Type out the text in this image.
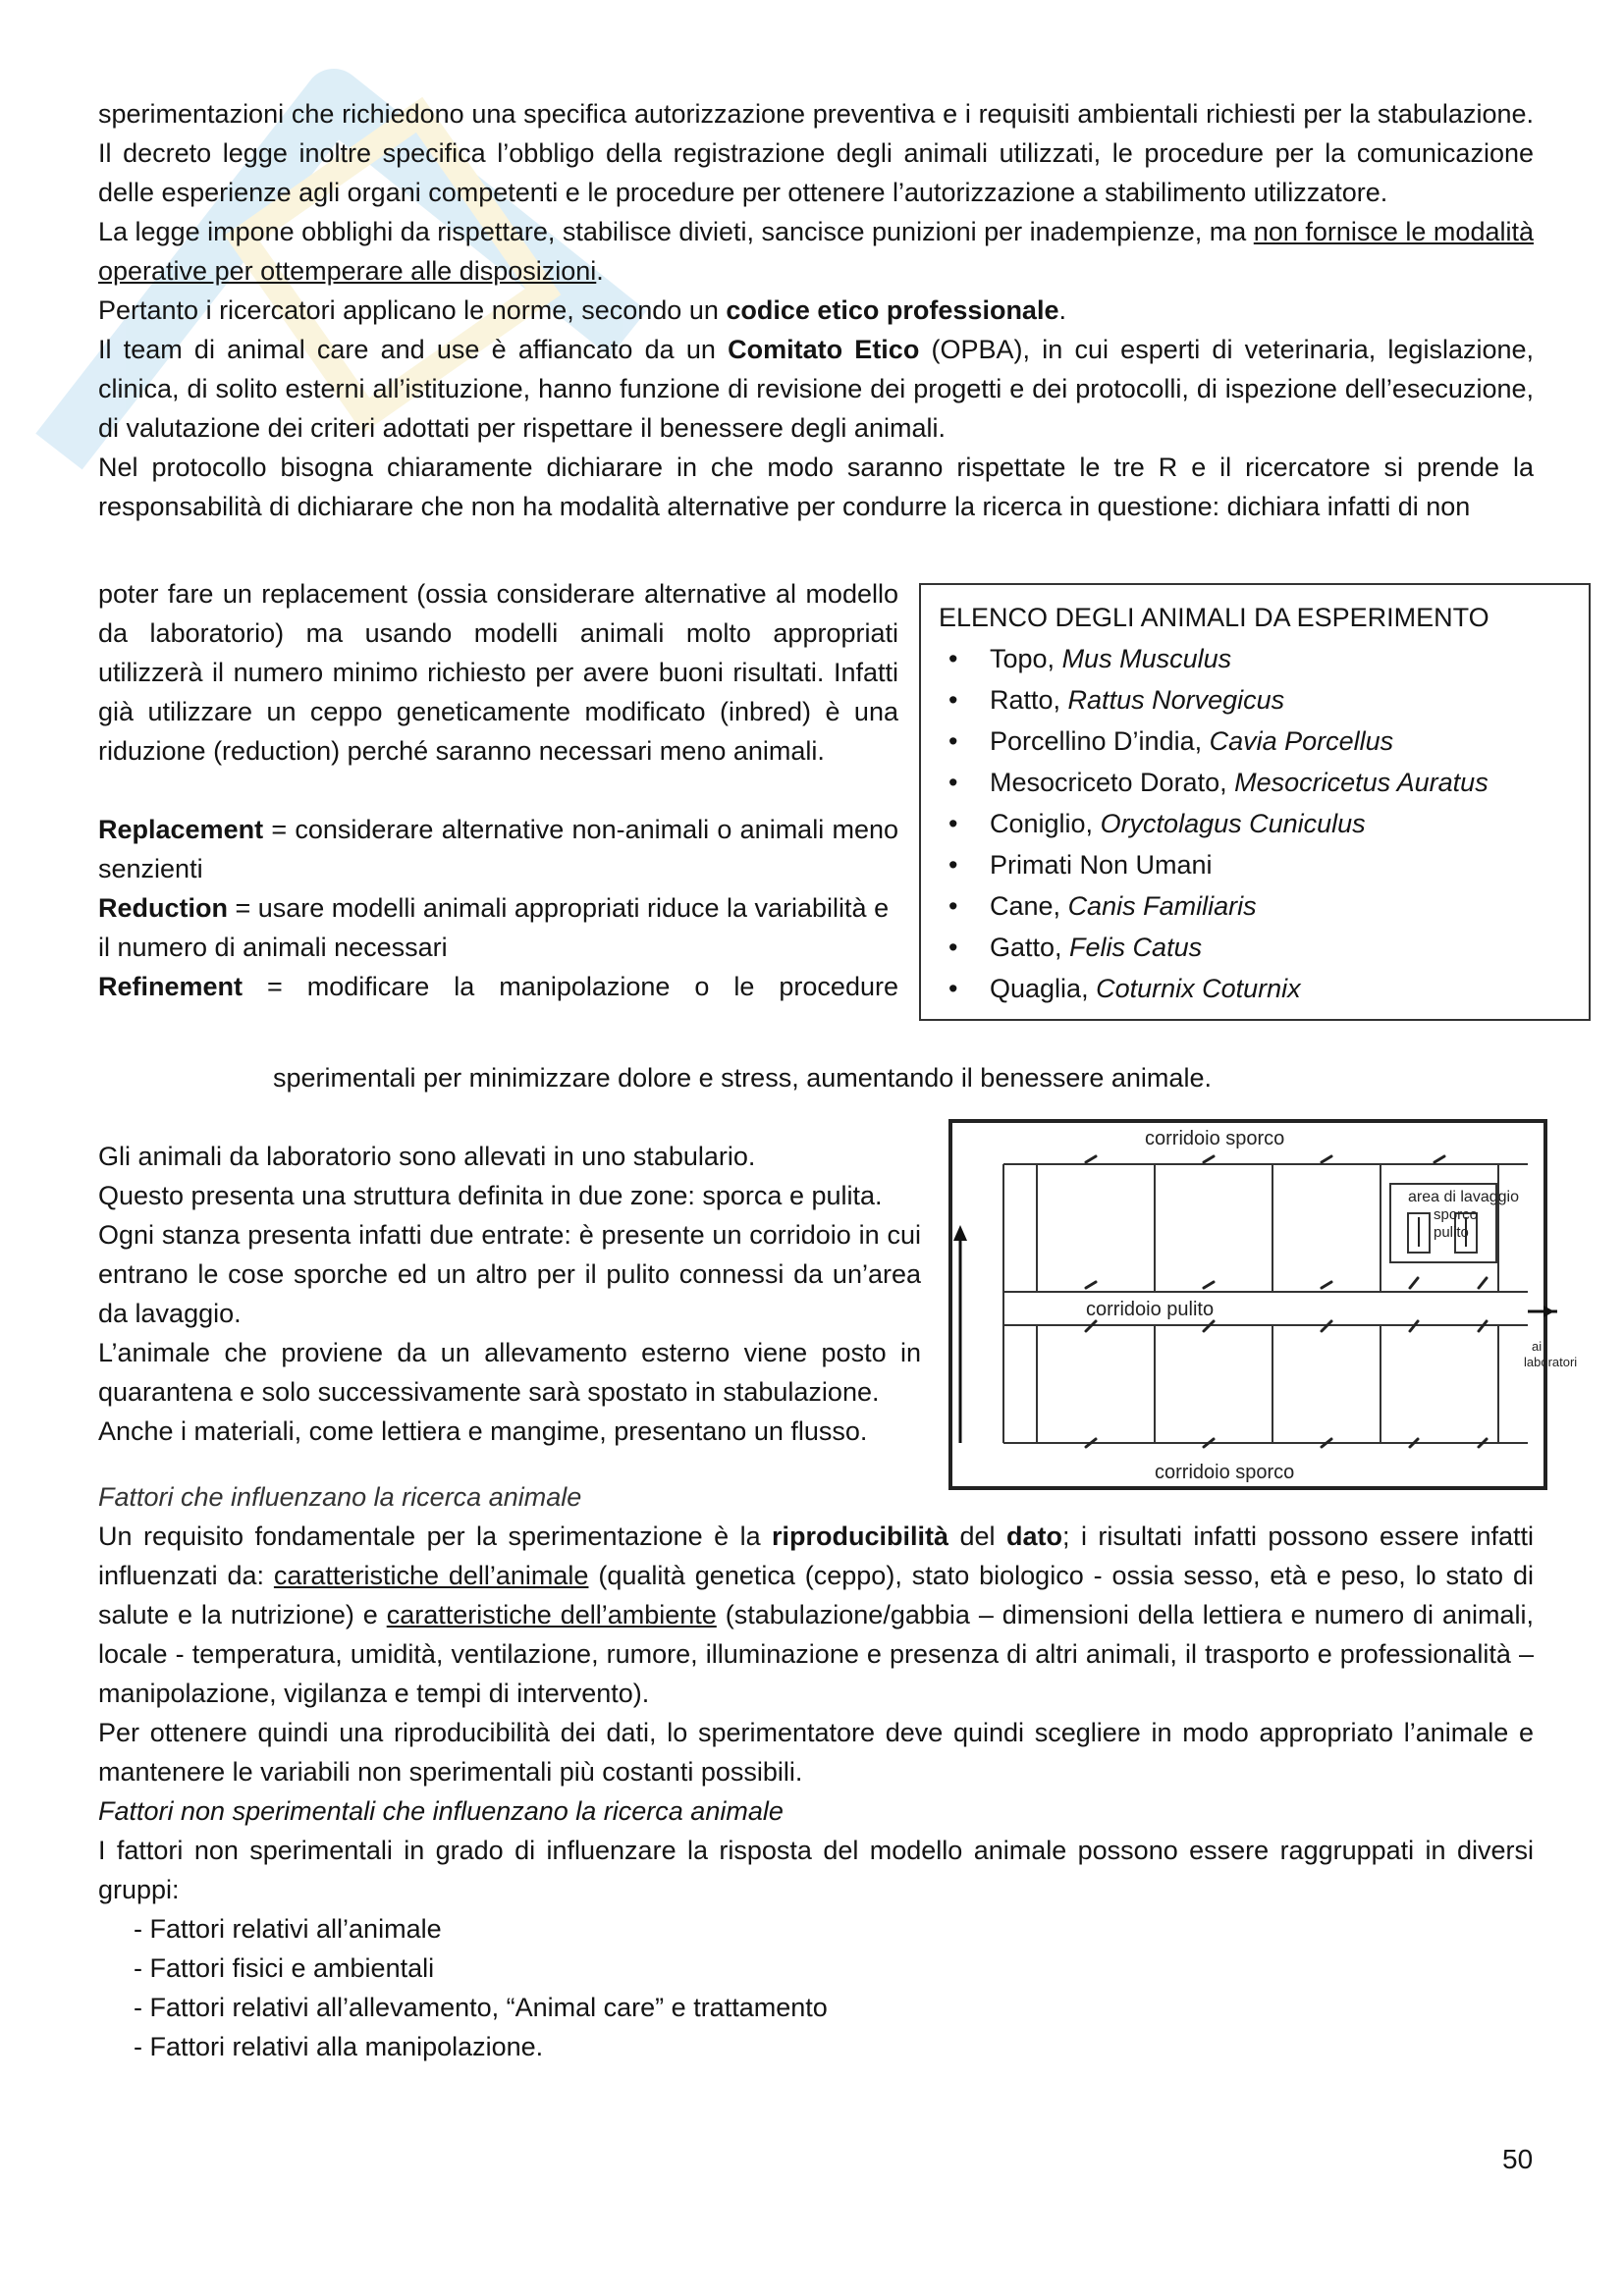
sperimentazioni che richiedono una specifica autorizzazione preventiva e i requisiti ambientali richiesti per la stabulazione. Il decreto legge inoltre specifica l’obbligo della registrazione degli animali utilizzati, le procedure per la comunicazione delle esperienze agli organi competenti e le procedure per ottenere l’autorizzazione a stabilimento utilizzatore.

La legge impone obblighi da rispettare, stabilisce divieti, sancisce punizioni per inadempienze, ma non fornisce le modalità operative per ottemperare alle disposizioni.

Pertanto i ricercatori applicano le norme, secondo un codice etico professionale.

Il team di animal care and use è affiancato da un Comitato Etico (OPBA), in cui esperti di veterinaria, legislazione, clinica, di solito esterni all’istituzione, hanno funzione di revisione dei progetti e dei protocolli, di ispezione dell’esecuzione, di valutazione dei criteri adottati per rispettare il benessere degli animali.

Nel protocollo bisogna chiaramente dichiarare in che modo saranno rispettate le tre R e il ricercatore si prende la responsabilità di dichiarare che non ha modalità alternative per condurre la ricerca in questione: dichiara infatti di non

poter fare un replacement (ossia considerare alternative al modello da laboratorio) ma usando modelli animali molto appropriati utilizzerà il numero minimo richiesto per avere buoni risultati. Infatti già utilizzare un ceppo geneticamente modificato (inbred) è una riduzione (reduction) perché saranno necessari meno animali.

Replacement = considerare alternative non-animali o animali meno senzienti

Reduction = usare modelli animali appropriati riduce la variabilità e il numero di animali necessari

Refinement = modificare la manipolazione o le procedure

sperimentali per minimizzare dolore e stress, aumentando il benessere animale.
ELENCO DEGLI ANIMALI DA ESPERIMENTO
• Topo, Mus Musculus
• Ratto, Rattus Norvegicus
• Porcellino D’india, Cavia Porcellus
• Mesocriceto Dorato, Mesocricetus Auratus
• Coniglio, Oryctolagus Cuniculus
• Primati Non Umani
• Cane, Canis Familiaris
• Gatto, Felis Catus
• Quaglia, Coturnix Coturnix

Gli animali da laboratorio sono allevati in uno stabulario.

Questo presenta una struttura definita in due zone: sporca e pulita.

Ogni stanza presenta infatti due entrate: è presente un corridoio in cui entrano le cose sporche ed un altro per il pulito connessi da un’area da lavaggio.

L’animale che proviene da un allevamento esterno viene posto in quarantena e solo successivamente sarà spostato in stabulazione.

Anche i materiali, come lettiera e mangime, presentano un flusso.

corridoio sporco
area di lavaggio
sporco
pulito
corridoio pulito
corridoio sporco
ai
laboratori

Fattori che influenzano la ricerca animale

Un requisito fondamentale per la sperimentazione è la riproducibilità del dato; i risultati infatti possono essere infatti influenzati da: caratteristiche dell’animale (qualità genetica (ceppo), stato biologico - ossia sesso, età e peso, lo stato di salute e la nutrizione) e caratteristiche dell’ambiente (stabulazione/gabbia – dimensioni della lettiera e numero di animali, locale - temperatura, umidità, ventilazione, rumore, illuminazione e presenza di altri animali, il trasporto e professionalità – manipolazione, vigilanza e tempi di intervento).

Per ottenere quindi una riproducibilità dei dati, lo sperimentatore deve quindi scegliere in modo appropriato l’animale e mantenere le variabili non sperimentali più costanti possibili.

Fattori non sperimentali che influenzano la ricerca animale

I fattori non sperimentali in grado di influenzare la risposta del modello animale possono essere raggruppati in diversi gruppi:

- Fattori relativi all’animale
- Fattori fisici e ambientali
- Fattori relativi all’allevamento, “Animal care” e trattamento
- Fattori relativi alla manipolazione.
50
